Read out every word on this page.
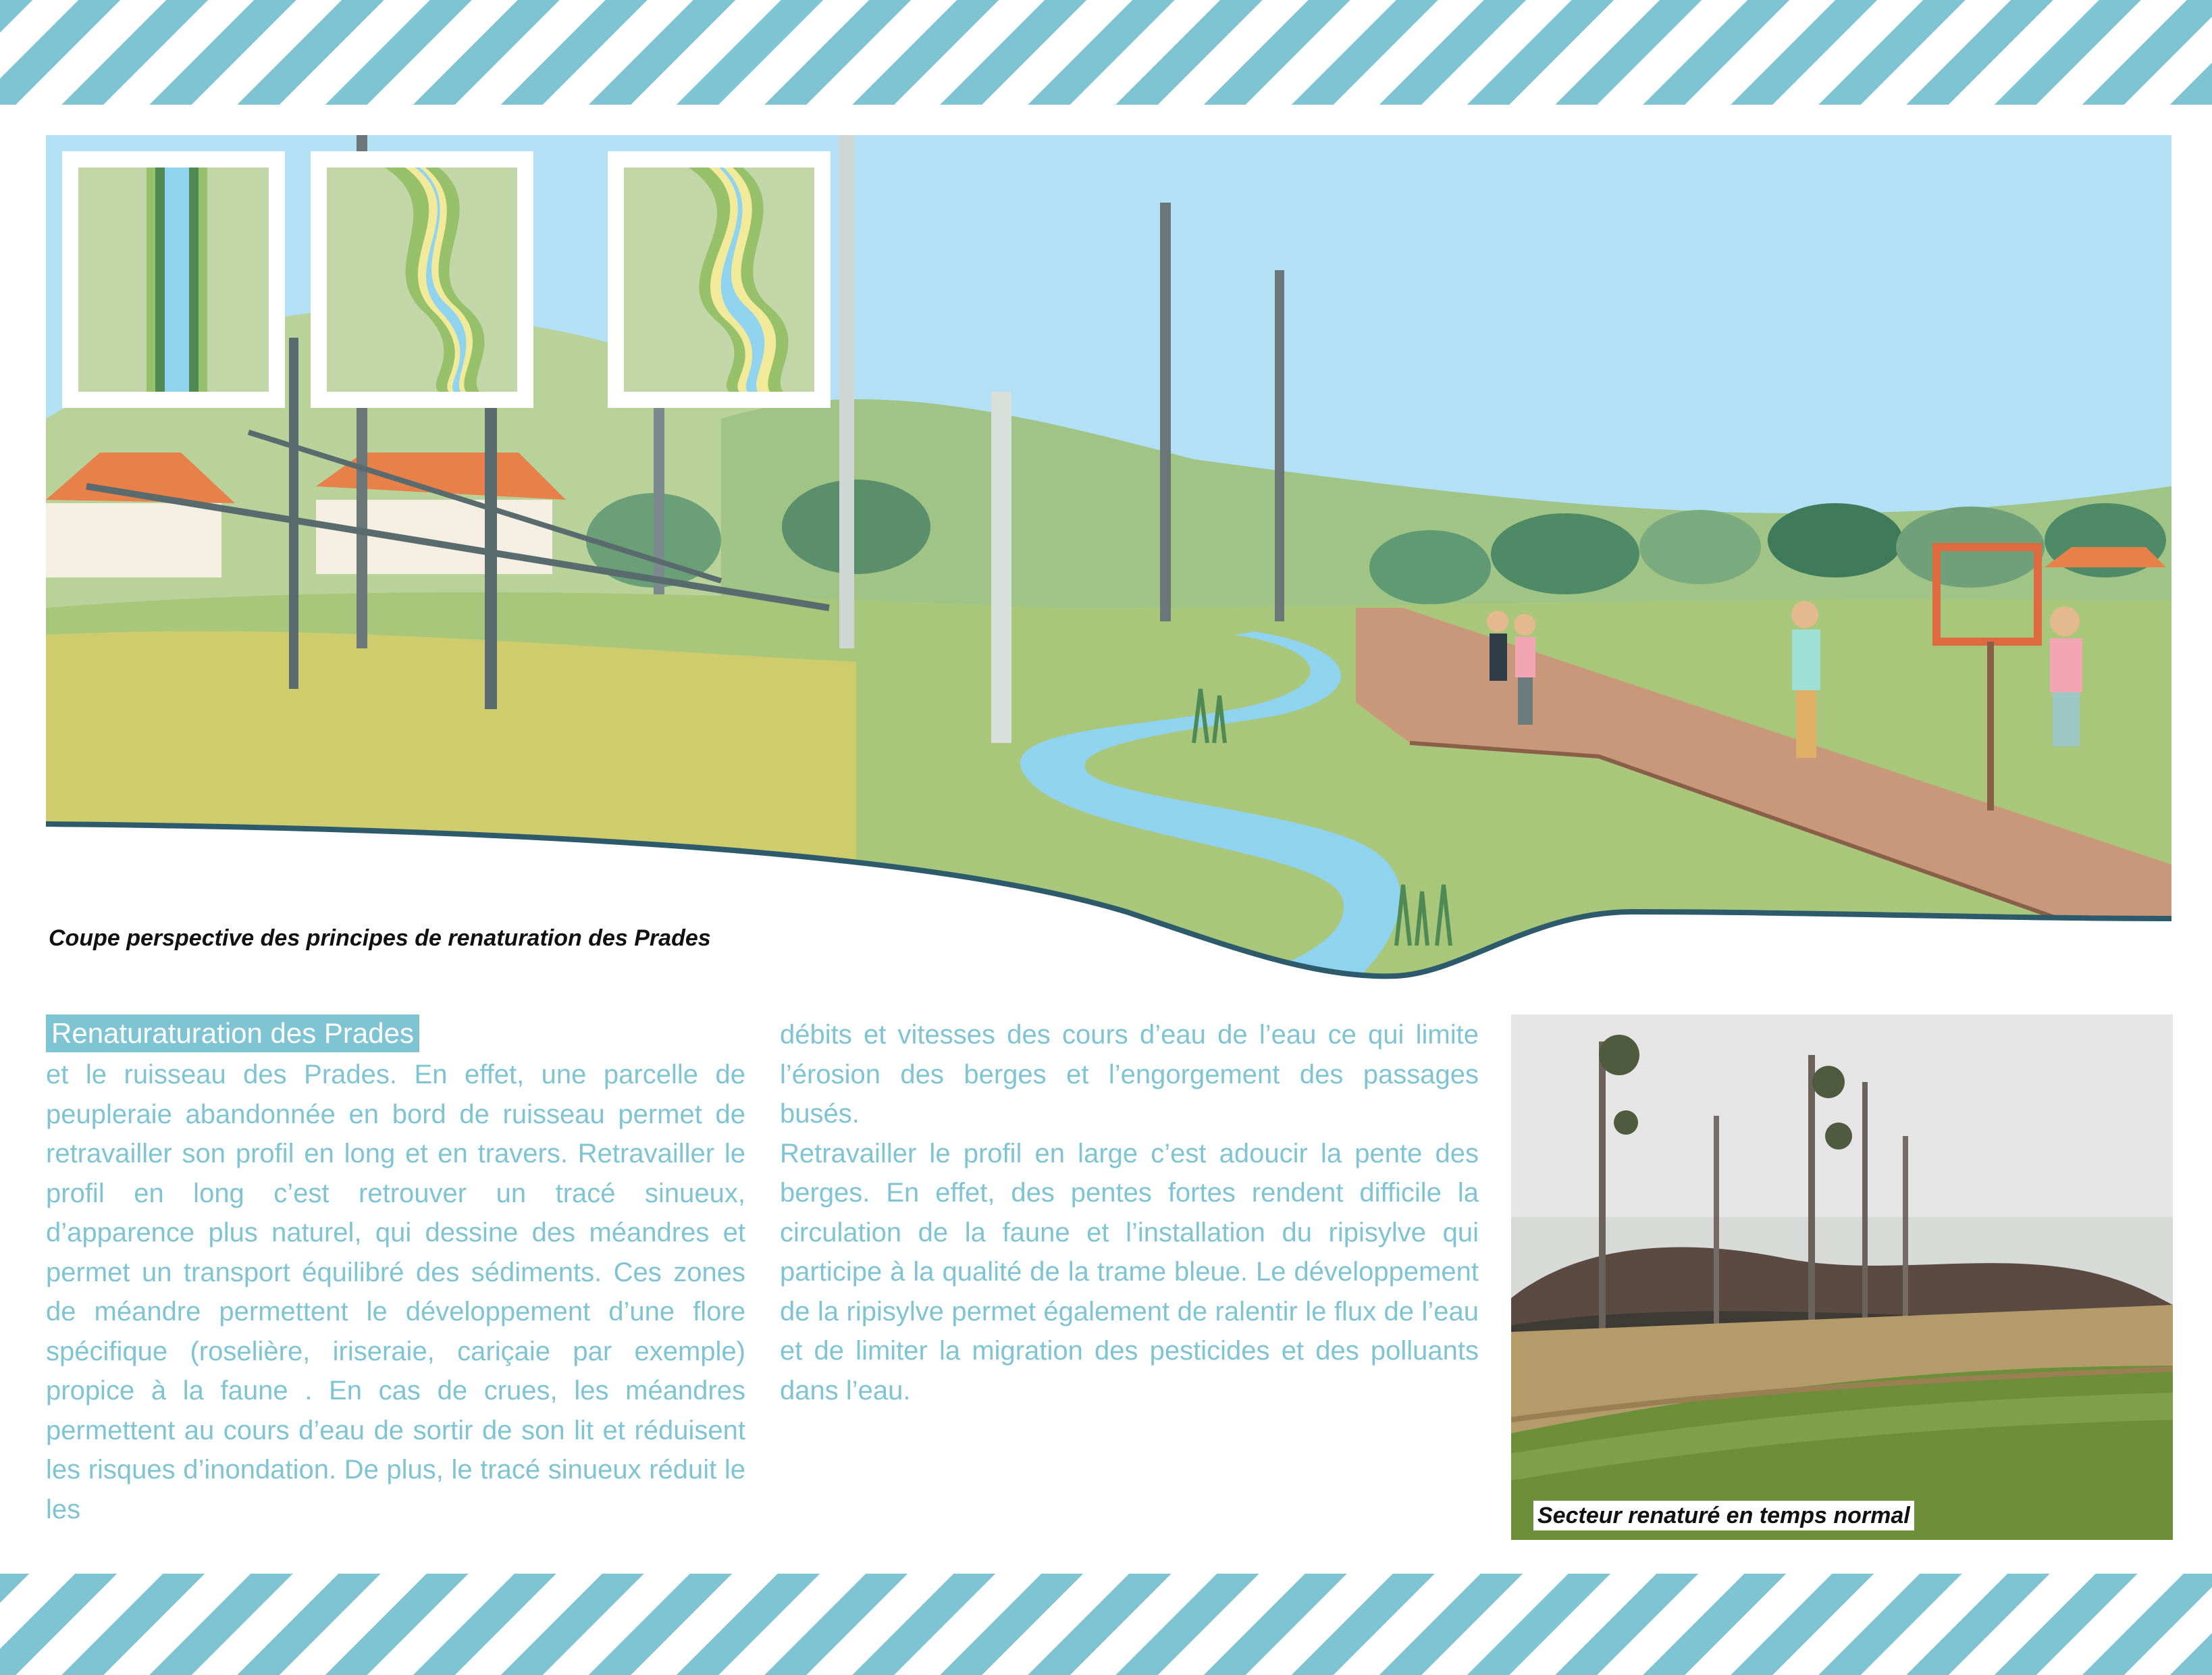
Coupe perspective des principes de renaturation des Prades
Renaturaturation des Prades

et le ruisseau des Prades. En effet, une parcelle de peupleraie abandonnée en bord de ruisseau permet de retravailler son profil en long et en travers. Retravailler le profil en long c’est retrouver un tracé sinueux, d’apparence plus naturel, qui dessine des méandres et permet un transport équilibré des sédiments. Ces zones de méandre permettent le développement d’une flore spécifique (roselière, iriseraie, cariçaie par exemple) propice à la faune . En cas de crues, les méandres permettent au cours d’eau de sortir de son lit et réduisent les risques d’inondation. De plus, le tracé sinueux réduit le les

débits et vitesses des cours d’eau de l’eau ce qui limite l’érosion des berges et l’engorgement des passages busés.

Retravailler le profil en large c’est adoucir la pente des berges. En effet, des pentes fortes rendent difficile la circulation de la faune et l’installation du ripisylve qui participe à la qualité de la trame bleue. Le développement de la ripisylve permet également de ralentir le flux de l’eau et de limiter la migration des pesticides et des polluants dans l’eau.

Secteur renaturé en temps normal
